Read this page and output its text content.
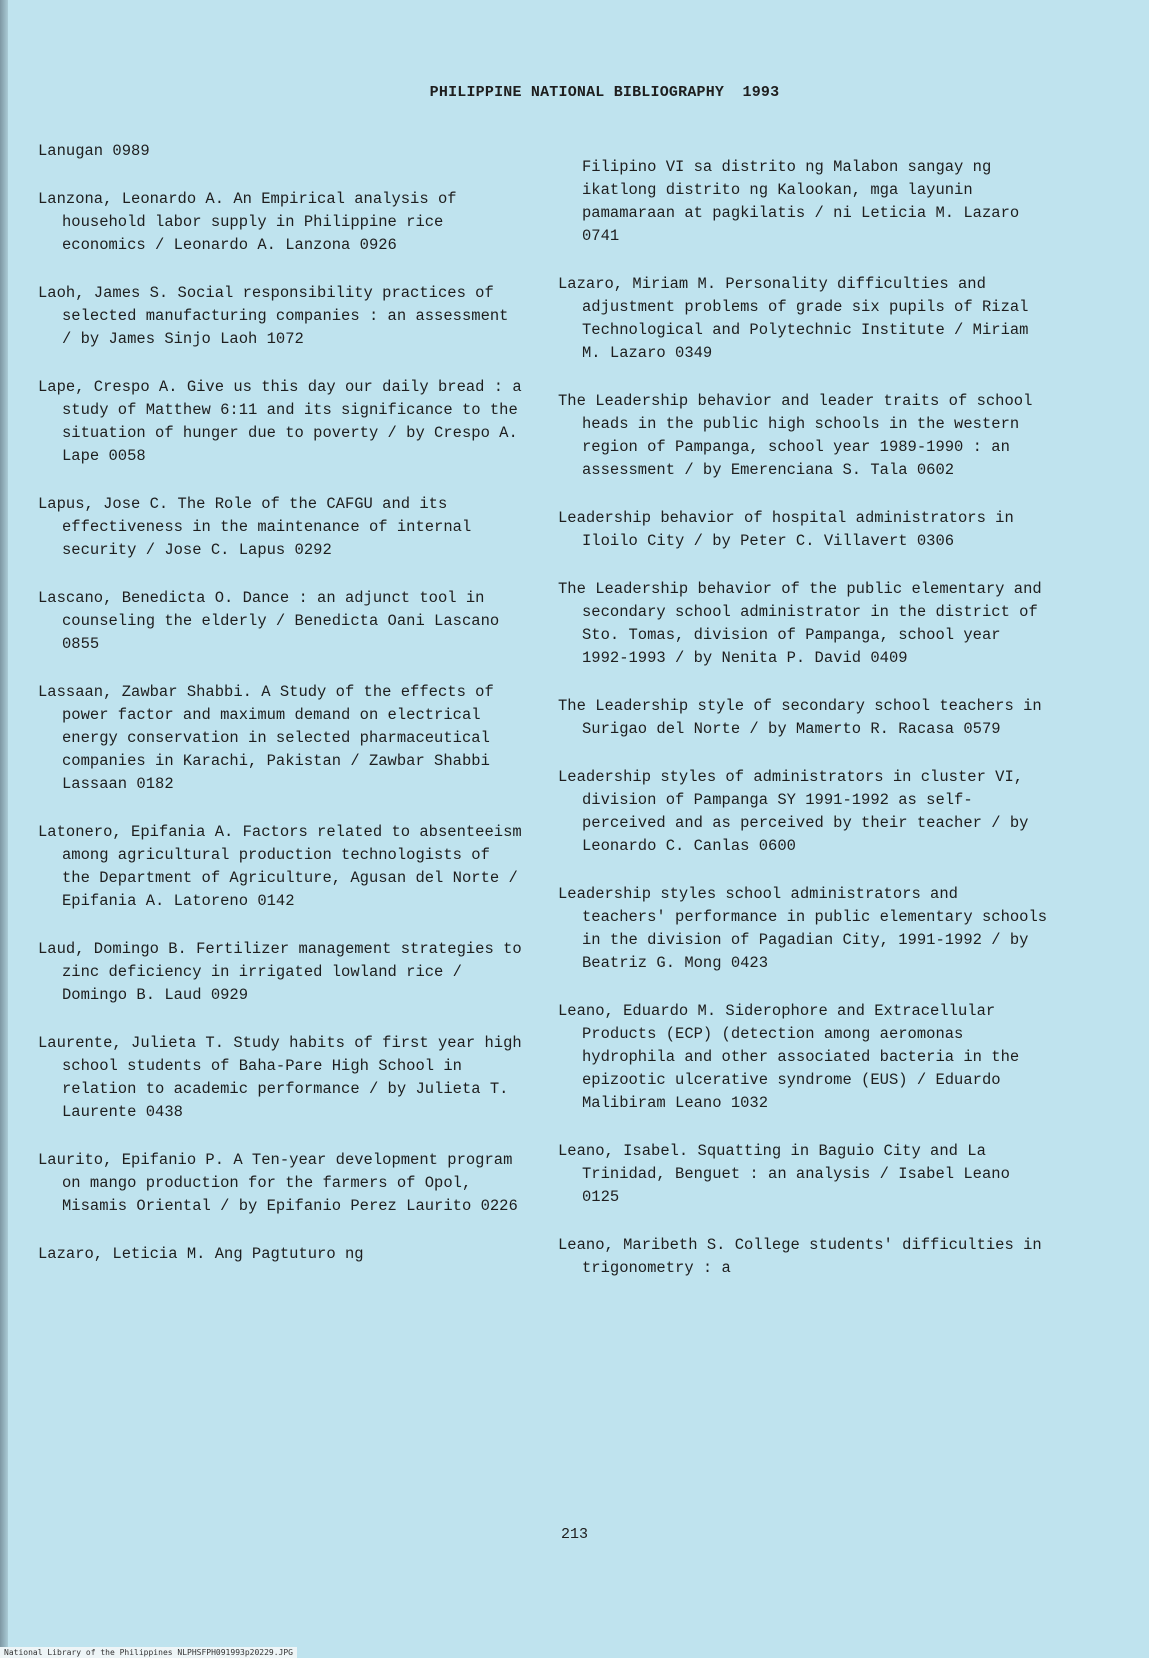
PHILIPPINE NATIONAL BIBLIOGRAPHY  1993
Lanugan 0989
Lanzona, Leonardo A. An Empirical analysis of household labor supply in Philippine rice economics / Leonardo A. Lanzona 0926
Laoh, James S. Social responsibility practices of selected manufacturing companies : an assessment / by James Sinjo Laoh 1072
Lape, Crespo A. Give us this day our daily bread : a study of Matthew 6:11 and its significance to the situation of hunger due to poverty / by Crespo A. Lape 0058
Lapus, Jose C. The Role of the CAFGU and its effectiveness in the maintenance of internal security / Jose C. Lapus 0292
Lascano, Benedicta O. Dance : an adjunct tool in counseling the elderly / Benedicta Oani Lascano 0855
Lassaan, Zawbar Shabbi. A Study of the effects of power factor and maximum demand on electrical energy conservation in selected pharmaceutical companies in Karachi, Pakistan / Zawbar Shabbi Lassaan 0182
Latonero, Epifania A. Factors related to absenteeism among agricultural production technologists of the Department of Agriculture, Agusan del Norte / Epifania A. Latoreno 0142
Laud, Domingo B. Fertilizer management strategies to zinc deficiency in irrigated lowland rice / Domingo B. Laud 0929
Laurente, Julieta T. Study habits of first year high school students of Baha-Pare High School in relation to academic performance / by Julieta T. Laurente 0438
Laurito, Epifanio P. A Ten-year development program on mango production for the farmers of Opol, Misamis Oriental / by Epifanio Perez Laurito 0226
Lazaro, Leticia M. Ang Pagtuturo ng
Filipino VI sa distrito ng Malabon sangay ng ikatlong distrito ng Kalookan, mga layunin pamamaraan at pagkilatis / ni Leticia M. Lazaro 0741
Lazaro, Miriam M. Personality difficulties and adjustment problems of grade six pupils of Rizal Technological and Polytechnic Institute / Miriam M. Lazaro 0349
The Leadership behavior and leader traits of school heads in the public high schools in the western region of Pampanga, school year 1989-1990 : an assessment / by Emerenciana S. Tala 0602
Leadership behavior of hospital administrators in Iloilo City / by Peter C. Villavert 0306
The Leadership behavior of the public elementary and secondary school administrator in the district of Sto. Tomas, division of Pampanga, school year 1992-1993 / by Nenita P. David 0409
The Leadership style of secondary school teachers in Surigao del Norte / by Mamerto R. Racasa 0579
Leadership styles of administrators in cluster VI, division of Pampanga SY 1991-1992 as self-perceived and as perceived by their teacher / by Leonardo C. Canlas 0600
Leadership styles school administrators and teachers' performance in public elementary schools in the division of Pagadian City, 1991-1992 / by Beatriz G. Mong 0423
Leano, Eduardo M. Siderophore and Extracellular Products (ECP) (detection among aeromonas hydrophila and other associated bacteria in the epizootic ulcerative syndrome (EUS) / Eduardo Malibiram Leano 1032
Leano, Isabel. Squatting in Baguio City and La Trinidad, Benguet : an analysis / Isabel Leano 0125
Leano, Maribeth S. College students' difficulties in trigonometry : a
213
National Library of the Philippines NLPHSFPH091993p20229.JPG
